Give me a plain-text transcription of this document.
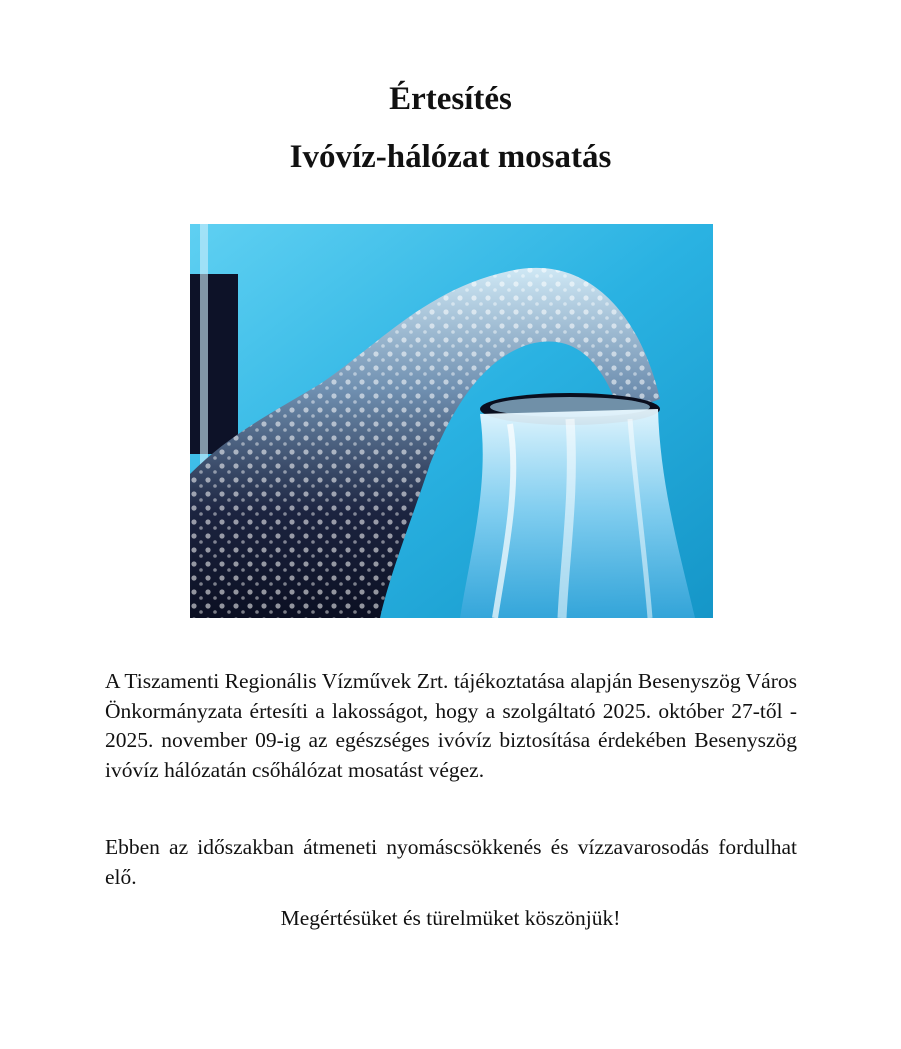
Értesítés
Ivóvíz-hálózat mosatás

A Tiszamenti Regionális Vízművek Zrt. tájékoztatása alapján Besenyszög Város Önkormányzata értesíti a lakosságot, hogy a szolgáltató 2025. október 27-től - 2025. november 09-ig az egészséges ivóvíz biztosítása érdekében Besenyszög ivóvíz hálózatán csőhálózat mosatást végez.

Ebben az időszakban átmeneti nyomáscsökkenés és vízzavarosodás fordulhat elő.

Megértésüket és türelmüket köszönjük!
